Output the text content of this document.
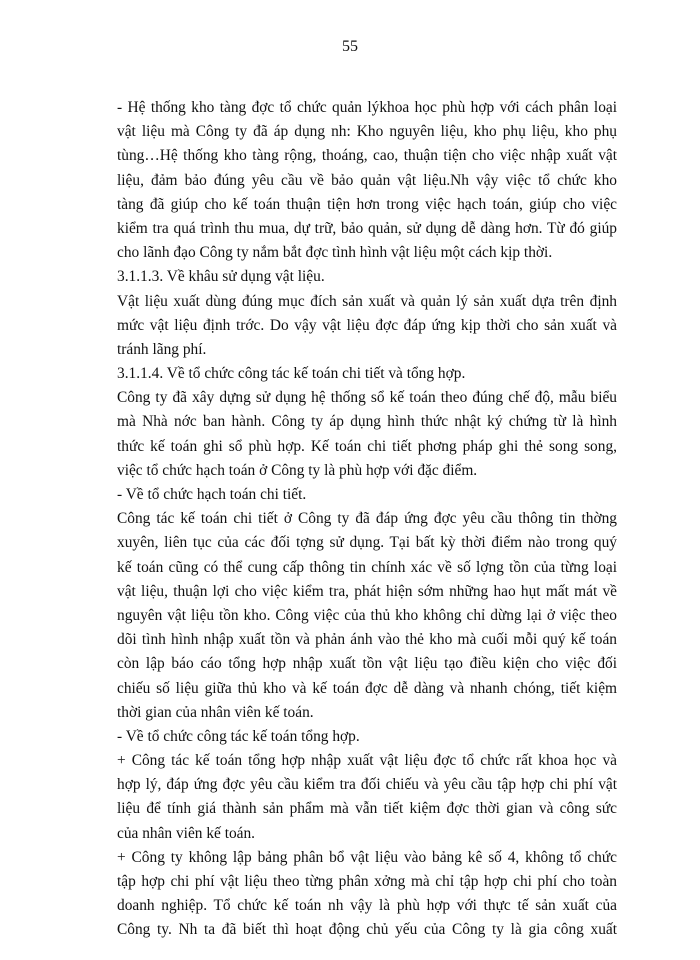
55
- Hệ thống kho tàng đợc tổ chức quản lýkhoa học phù hợp với cách phân loại
vật liệu mà Công ty đã áp dụng nh: Kho nguyên liệu, kho phụ liệu, kho phụ
tùng…Hệ thống kho tàng rộng, thoáng, cao, thuận tiện cho việc nhập xuất vật
liệu, đảm bảo đúng yêu cầu về bảo quản vật liệu.Nh vậy việc tổ chức kho
tàng đã giúp cho kế toán thuận tiện hơn trong việc hạch toán, giúp cho việc
kiểm tra quá trình thu mua, dự trữ, bảo quản, sử dụng dễ dàng hơn. Từ đó giúp
cho lãnh đạo Công ty nắm bắt đợc tình hình vật liệu một cách kịp thời.
3.1.1.3. Về khâu sử dụng vật liệu.
Vật liệu xuất dùng đúng mục đích sản xuất và quản lý sản xuất dựa trên định
mức vật liệu định trớc. Do vậy vật liệu đợc đáp ứng kịp thời cho sản xuất và
tránh lãng phí.
3.1.1.4. Về tổ chức công tác kế toán chi tiết và tổng hợp.
Công ty đã xây dựng sử dụng hệ thống sổ kế toán theo đúng chế độ, mẫu biểu
mà Nhà nớc ban hành. Công ty áp dụng hình thức nhật ký chứng từ là hình
thức kế toán ghi sổ phù hợp. Kế toán chi tiết phơng pháp ghi thẻ song song,
việc tổ chức hạch toán ở Công ty là phù hợp với đặc điểm.
- Về tổ chức hạch toán chi tiết.
Công tác kế toán chi tiết ở Công ty đã đáp ứng đợc yêu cầu thông tin thờng
xuyên, liên tục của các đối tợng sử dụng. Tại bất kỳ thời điểm nào trong quý
kế toán cũng có thể cung cấp thông tin chính xác về số lợng tồn của từng loại
vật liệu, thuận lợi cho việc kiểm tra, phát hiện sớm những hao hụt mất mát về
nguyên vật liệu tồn kho. Công việc của thủ kho không chỉ dừng lại ở việc theo
dõi tình hình nhập xuất tồn và phản ánh vào thẻ kho mà cuối mỗi quý kế toán
còn lập báo cáo tổng hợp nhập xuất tồn vật liệu tạo điều kiện cho việc đối
chiếu số liệu giữa thủ kho và kế toán đợc dễ dàng và nhanh chóng, tiết kiệm
thời gian của nhân viên kế toán.
- Về tổ chức công tác kế toán tổng hợp.
+ Công tác kế toán tổng hợp nhập xuất vật liệu đợc tổ chức rất khoa học và
hợp lý, đáp ứng đợc yêu cầu kiểm tra đối chiếu và yêu cầu tập hợp chi phí vật
liệu để tính giá thành sản phẩm mà vẫn tiết kiệm đợc thời gian và công sức
của nhân viên kế toán.
+ Công ty không lập bảng phân bổ vật liệu vào bảng kê số 4, không tổ chức
tập hợp chi phí vật liệu theo từng phân xởng mà chỉ tập hợp chi phí cho toàn
doanh nghiệp. Tổ chức kế toán nh vậy là phù hợp với thực tế sản xuất của
Công ty. Nh ta đã biết thì hoạt động chủ yếu của Công ty là gia công xuất
